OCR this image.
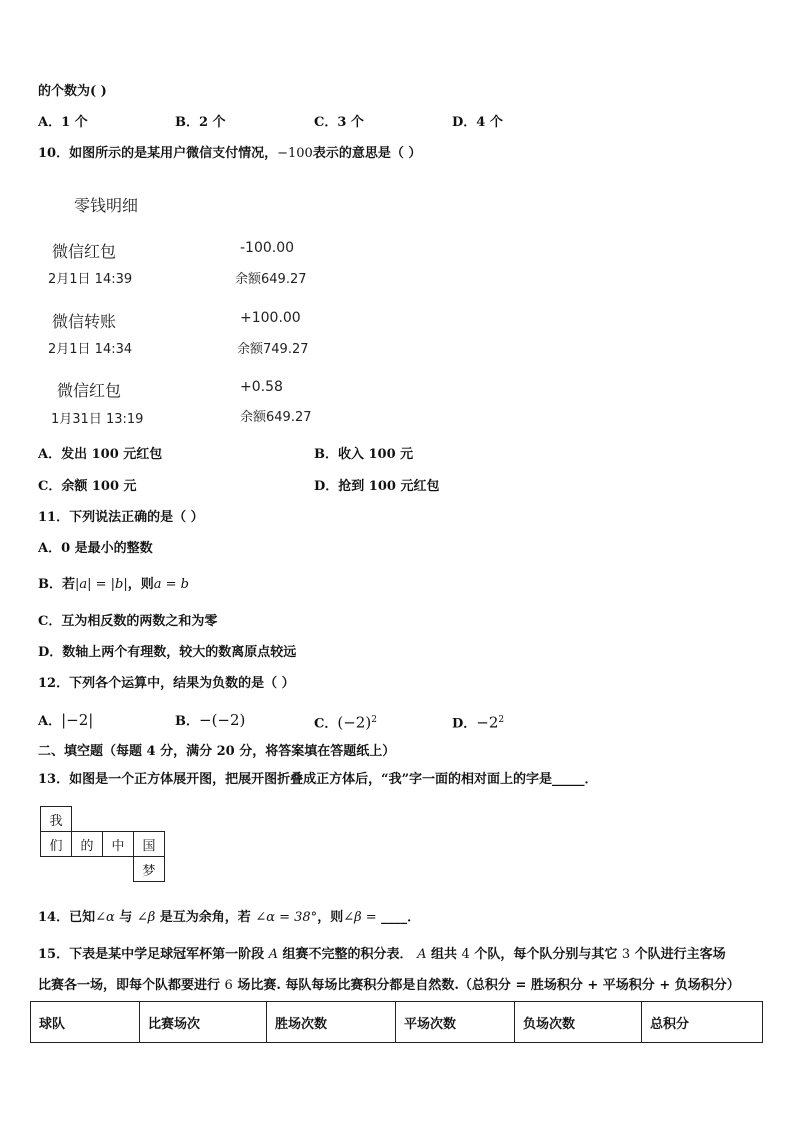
的个数为( )
A．1 个	B．2 个	C．3 个	D．4 个
10．如图所示的是某用户微信支付情况，−100表示的意思是（ ）
零钱明细
微信红包	-100.00
2月1日 14:39	余额649.27
微信转账	+100.00
2月1日 14:34	余额749.27
微信红包	+0.58
1月31日 13:19	余额649.27
A．发出 100 元红包	B．收入 100 元
C．余额 100 元	D．抢到 100 元红包
11．下列说法正确的是（ ）
A．0 是最小的整数
B．若|a| = |b|，则a = b
C．互为相反数的两数之和为零
D．数轴上两个有理数，较大的数离原点较远
12．下列各个运算中，结果为负数的是（ ）
A．|−2|	B．−(−2)	C．$(-2)^2$	D．$-2^2$
二、填空题（每题 4 分，满分 20 分，将答案填在答题纸上）
13．如图是一个正方体展开图，把展开图折叠成正方体后，“我”字一面的相对面上的字是_____．
我			
们	的	中	国
			梦
14．已知∠α 与 ∠β 是互为余角，若 ∠α = 38°，则∠β = ____．
15．下表是某中学足球冠军杯第一阶段 A 组赛不完整的积分表． A 组共 4 个队，每个队分别与其它 3 个队进行主客场
比赛各一场，即每个队都要进行 6 场比赛. 每队每场比赛积分都是自然数.（总积分 = 胜场积分 + 平场积分 + 负场积分）
球队	比赛场次	胜场次数	平场次数	负场次数	总积分
